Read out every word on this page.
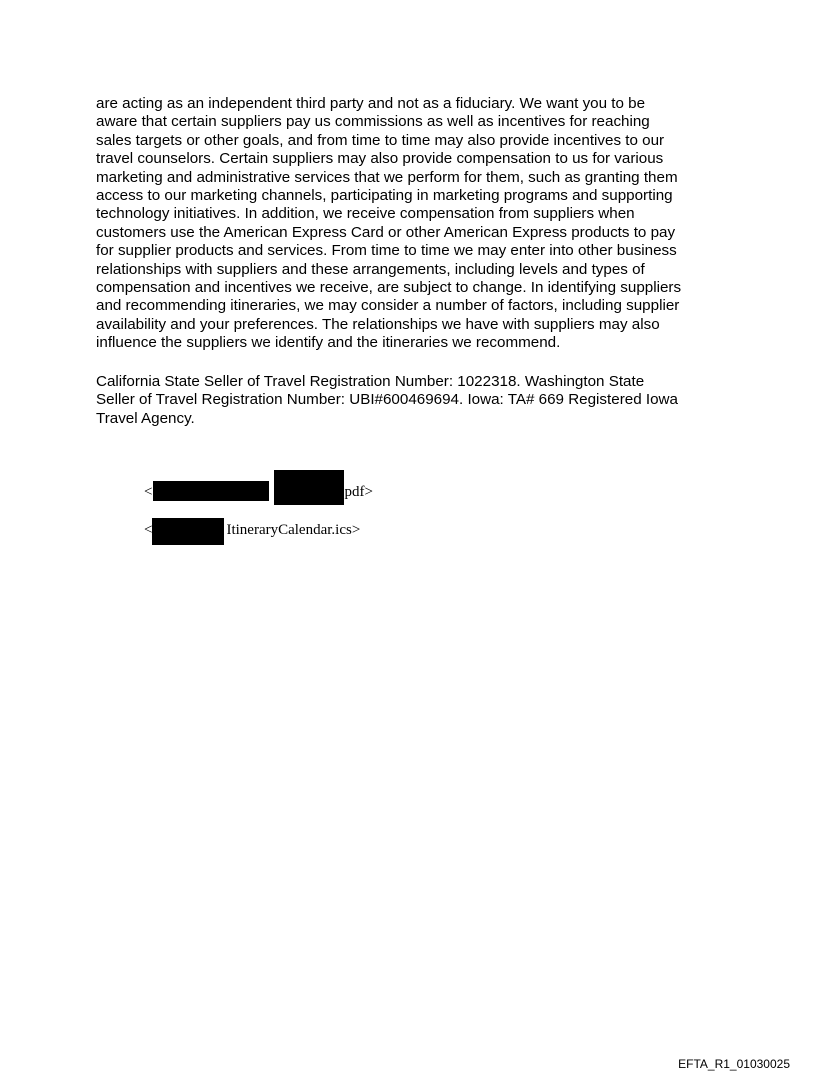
are acting as an independent third party and not as a fiduciary. We want you to be
aware that certain suppliers pay us commissions as well as incentives for reaching
sales targets or other goals, and from time to time may also provide incentives to our
travel counselors. Certain suppliers may also provide compensation to us for various
marketing and administrative services that we perform for them, such as granting them
access to our marketing channels, participating in marketing programs and supporting
technology initiatives. In addition, we receive compensation from suppliers when
customers use the American Express Card or other American Express products to pay
for supplier products and services. From time to time we may enter into other business
relationships with suppliers and these arrangements, including levels and types of
compensation and incentives we receive, are subject to change. In identifying suppliers
and recommending itineraries, we may consider a number of factors, including supplier
availability and your preferences. The relationships we have with suppliers may also
influence the suppliers we identify and the itineraries we recommend.

California State Seller of Travel Registration Number: 1022318. Washington State
Seller of Travel Registration Number: UBI#600469694. Iowa: TA# 669 Registered Iowa
Travel Agency.

<	pdf>
<	ItineraryCalendar.ics>
EFTA_R1_01030025
